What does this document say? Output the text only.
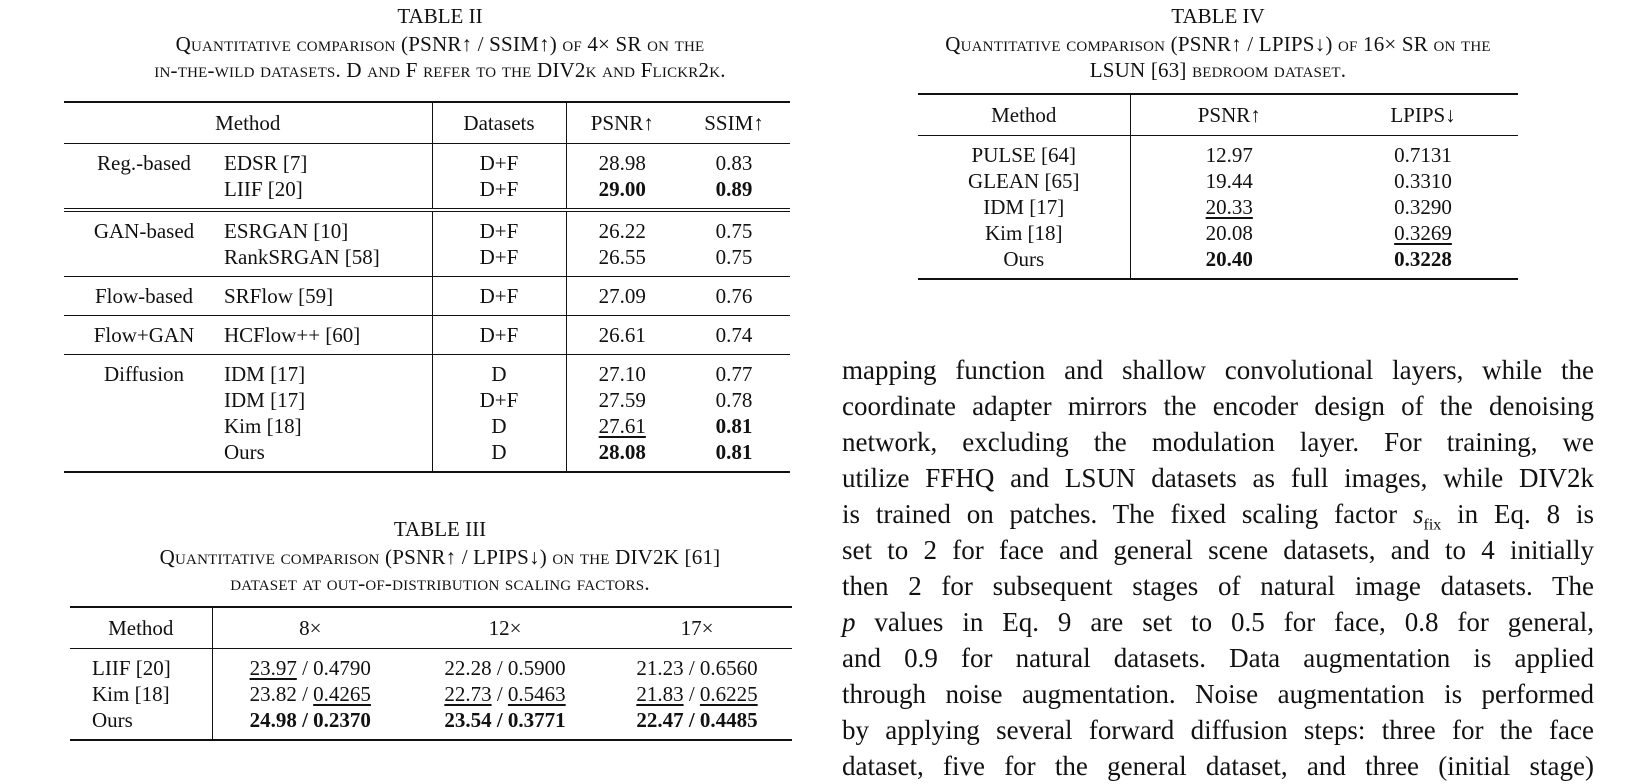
TABLE II
Quantitative comparison (PSNR↑ / SSIM↑) of 4× SR on the
in-the-wild datasets. D and F refer to the DIV2k and Flickr2k.
Method		Datasets	PSNR↑	SSIM↑
Reg.-based	EDSR [7]	D+F	28.98	0.83
	LIIF [20]	D+F	29.00	0.89
GAN-based	ESRGAN [10]	D+F	26.22	0.75
	RankSRGAN [58]	D+F	26.55	0.75
Flow-based	SRFlow [59]	D+F	27.09	0.76
Flow+GAN	HCFlow++ [60]	D+F	26.61	0.74
Diffusion	IDM [17]	D	27.10	0.77
	IDM [17]	D+F	27.59	0.78
	Kim [18]	D	27.61	0.81
	Ours	D	28.08	0.81
TABLE III
Quantitative comparison (PSNR↑ / LPIPS↓) on the DIV2K [61]
dataset at out-of-distribution scaling factors.
Method	8×	12×	17×
LIIF [20]	23.97 / 0.4790	22.28 / 0.5900	21.23 / 0.6560
Kim [18]	23.82 / 0.4265	22.73 / 0.5463	21.83 / 0.6225
Ours	24.98 / 0.2370	23.54 / 0.3771	22.47 / 0.4485
TABLE IV
Quantitative comparison (PSNR↑ / LPIPS↓) of 16× SR on the
LSUN [63] bedroom dataset.
Method	PSNR↑	LPIPS↓
PULSE [64]	12.97	0.7131
GLEAN [65]	19.44	0.3310
IDM [17]	20.33	0.3290
Kim [18]	20.08	0.3269
Ours	20.40	0.3228
mapping function and shallow convolutional layers, while the
coordinate adapter mirrors the encoder design of the denoising
network, excluding the modulation layer. For training, we
utilize FFHQ and LSUN datasets as full images, while DIV2k
is trained on patches. The fixed scaling factor $s_{fix}$ in Eq. 8 is
set to 2 for face and general scene datasets, and to 4 initially
then 2 for subsequent stages of natural image datasets. The
p values in Eq. 9 are set to 0.5 for face, 0.8 for general,
and 0.9 for natural datasets. Data augmentation is applied
through noise augmentation. Noise augmentation is performed
by applying several forward diffusion steps: three for the face
dataset, five for the general dataset, and three (initial stage)
